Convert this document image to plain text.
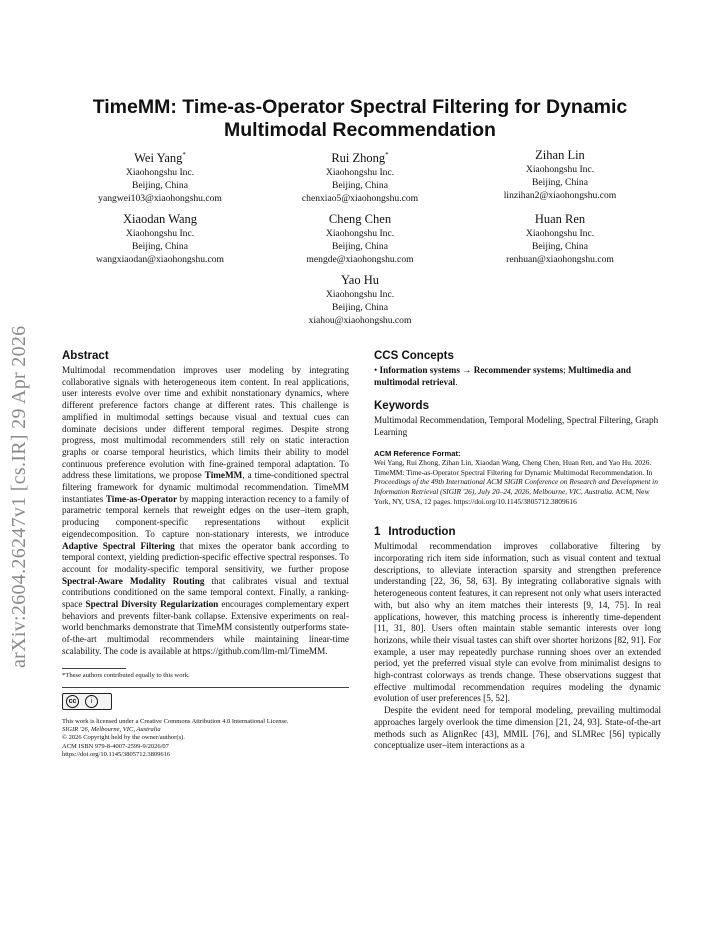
arXiv:2604.26247v1 [cs.IR] 29 Apr 2026
TimeMM: Time-as-Operator Spectral Filtering for Dynamic
Multimodal Recommendation
Wei Yang*
Xiaohongshu Inc.
Beijing, China
yangwei103@xiaohongshu.com
Rui Zhong*
Xiaohongshu Inc.
Beijing, China
chenxiao5@xiaohongshu.com
Zihan Lin
Xiaohongshu Inc.
Beijing, China
linzihan2@xiaohongshu.com
Xiaodan Wang
Xiaohongshu Inc.
Beijing, China
wangxiaodan@xiaohongshu.com
Cheng Chen
Xiaohongshu Inc.
Beijing, China
mengde@xiaohongshu.com
Huan Ren
Xiaohongshu Inc.
Beijing, China
renhuan@xiaohongshu.com
Yao Hu
Xiaohongshu Inc.
Beijing, China
xiahou@xiaohongshu.com
Abstract
Multimodal recommendation improves user modeling by integrating collaborative signals with heterogeneous item content. In real applications, user interests evolve over time and exhibit nonstationary dynamics, where different preference factors change at different rates. This challenge is amplified in multimodal settings because visual and textual cues can dominate decisions under different temporal regimes. Despite strong progress, most multimodal recommenders still rely on static interaction graphs or coarse temporal heuristics, which limits their ability to model continuous preference evolution with fine-grained temporal adaptation. To address these limitations, we propose TimeMM, a time-conditioned spectral filtering framework for dynamic multimodal recommendation. TimeMM instantiates Time-as-Operator by mapping interaction recency to a family of parametric temporal kernels that reweight edges on the user–item graph, producing component-specific representations without explicit eigendecomposition. To capture non-stationary interests, we introduce Adaptive Spectral Filtering that mixes the operator bank according to temporal context, yielding prediction-specific effective spectral responses. To account for modality-specific temporal sensitivity, we further propose Spectral-Aware Modality Routing that calibrates visual and textual contributions conditioned on the same temporal context. Finally, a ranking-space Spectral Diversity Regularization encourages complementary expert behaviors and prevents filter-bank collapse. Extensive experiments on real-world benchmarks demonstrate that TimeMM consistently outperforms state-of-the-art multimodal recommenders while maintaining linear-time scalability. The code is available at https://github.com/llm-ml/TimeMM.
*These authors contributed equally to this work.
cc	i
This work is licensed under a Creative Commons Attribution 4.0 International License.
SIGIR '26, Melbourne, VIC, Australia
© 2026 Copyright held by the owner/author(s).
ACM ISBN 979-8-4007-2599-9/2026/07
https://doi.org/10.1145/3805712.3809616
CCS Concepts
• Information systems → Recommender systems; Multimedia and multimodal retrieval.
Keywords
Multimodal Recommendation, Temporal Modeling, Spectral Filtering, Graph Learning
ACM Reference Format:
Wei Yang, Rui Zhong, Zihan Lin, Xiaodan Wang, Cheng Chen, Huan Ren, and Yao Hu. 2026. TimeMM: Time-as-Operator Spectral Filtering for Dynamic Multimodal Recommendation. In Proceedings of the 49th International ACM SIGIR Conference on Research and Development in Information Retrieval (SIGIR '26), July 20–24, 2026, Melbourne, VIC, Australia. ACM, New York, NY, USA, 12 pages. https://doi.org/10.1145/3805712.3809616
1 Introduction
Multimodal recommendation improves collaborative filtering by incorporating rich item side information, such as visual content and textual descriptions, to alleviate interaction sparsity and strengthen preference understanding [22, 36, 58, 63]. By integrating collaborative signals with heterogeneous content features, it can represent not only what users interacted with, but also why an item matches their interests [9, 14, 75]. In real applications, however, this matching process is inherently time-dependent [11, 31, 80]. Users often maintain stable semantic interests over long horizons, while their visual tastes can shift over shorter horizons [82, 91]. For example, a user may repeatedly purchase running shoes over an extended period, yet the preferred visual style can evolve from minimalist designs to high-contrast colorways as trends change. These observations suggest that effective multimodal recommendation requires modeling the dynamic evolution of user preferences [5, 52].
Despite the evident need for temporal modeling, prevailing multimodal approaches largely overlook the time dimension [21, 24, 93]. State-of-the-art methods such as AlignRec [43], MMIL [76], and SLMRec [56] typically conceptualize user–item interactions as a
